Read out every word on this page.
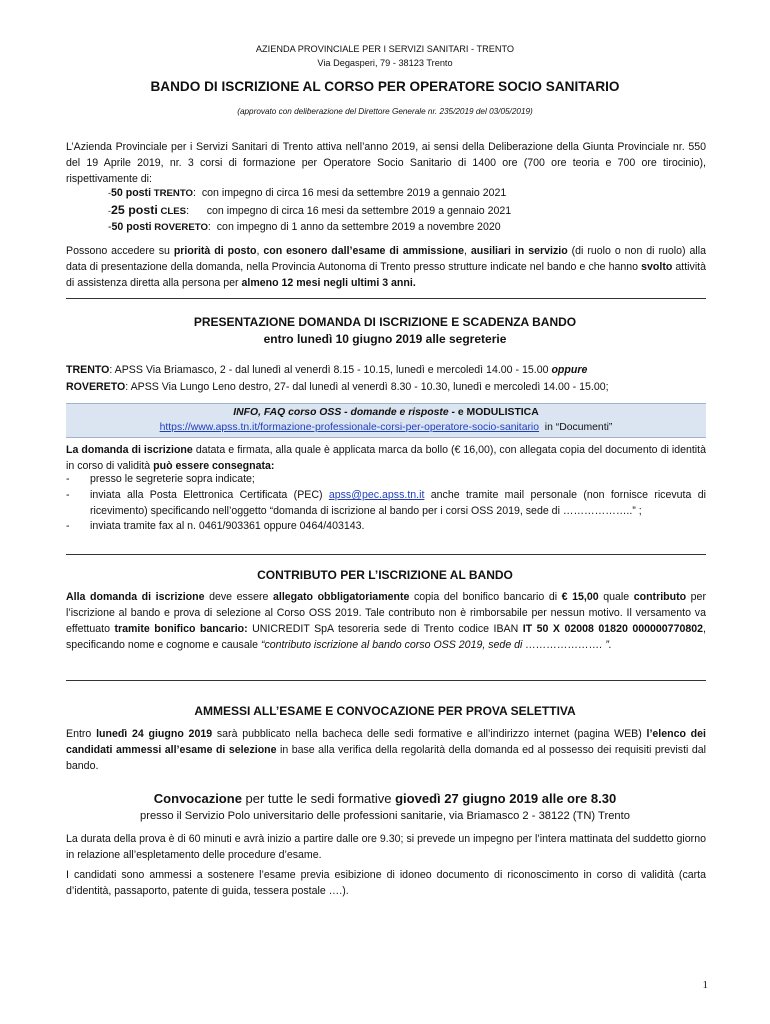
AZIENDA PROVINCIALE PER I SERVIZI SANITARI - TRENTO
Via Degasperi, 79 - 38123 Trento
BANDO DI ISCRIZIONE AL CORSO PER OPERATORE SOCIO SANITARIO
(approvato con deliberazione del Direttore Generale nr. 235/2019 del 03/05/2019)
L’Azienda Provinciale per i Servizi Sanitari di Trento attiva nell’anno 2019, ai sensi della Deliberazione della Giunta Provinciale nr. 550 del 19 Aprile 2019, nr. 3 corsi di formazione per Operatore Socio Sanitario di 1400 ore (700 ore teoria e 700 ore tirocinio), rispettivamente di:
-50 posti TRENTO:  con impegno di circa 16 mesi da settembre 2019 a gennaio 2021
-25 posti CLES:      con impegno di circa 16 mesi da settembre 2019 a gennaio 2021
-50 posti ROVERETO:  con impegno di 1 anno da settembre 2019 a novembre 2020
Possono accedere su priorità di posto, con esonero dall’esame di ammissione, ausiliari in servizio (di ruolo o non di ruolo) alla data di presentazione della domanda, nella Provincia Autonoma di Trento presso strutture indicate nel bando e che hanno svolto attività di assistenza diretta alla persona per almeno 12 mesi negli ultimi 3 anni.
PRESENTAZIONE DOMANDA DI ISCRIZIONE E SCADENZA BANDO
entro lunedì 10 giugno 2019 alle segreterie
TRENTO: APSS Via Briamasco, 2 - dal lunedì al venerdì 8.15 - 10.15, lunedì e mercoledì 14.00 - 15.00 oppure
ROVERETO: APSS Via Lungo Leno destro, 27- dal lunedì al venerdì 8.30 - 10.30, lunedì e mercoledì 14.00 - 15.00;
INFO, FAQ corso OSS - domande e risposte - e MODULISTICA
https://www.apss.tn.it/formazione-professionale-corsi-per-operatore-socio-sanitario  in “Documenti”
La domanda di iscrizione datata e firmata, alla quale è applicata marca da bollo (€ 16,00), con allegata copia del documento di identità in corso di validità può essere consegnata:
- presso le segreterie sopra indicate;
- inviata alla Posta Elettronica Certificata (PEC) apss@pec.apss.tn.it anche tramite mail personale (non fornisce ricevuta di ricevimento) specificando nell’oggetto “domanda di iscrizione al bando per i corsi OSS 2019, sede di ………………..” ;
- inviata tramite fax al n. 0461/903361 oppure 0464/403143.
CONTRIBUTO PER L’ISCRIZIONE AL BANDO
Alla domanda di iscrizione deve essere allegato obbligatoriamente copia del bonifico bancario di € 15,00 quale contributo per l’iscrizione al bando e prova di selezione al Corso OSS 2019. Tale contributo non è rimborsabile per nessun motivo. Il versamento va effettuato tramite bonifico bancario: UNICREDIT SpA tesoreria sede di Trento codice IBAN IT 50 X 02008 01820 000000770802, specificando nome e cognome e causale “contributo iscrizione al bando corso OSS 2019, sede di …………………. ”.
AMMESSI ALL’ESAME E CONVOCAZIONE PER PROVA SELETTIVA
Entro lunedì 24 giugno 2019 sarà pubblicato nella bacheca delle sedi formative e all’indirizzo internet (pagina WEB) l’elenco dei candidati ammessi all’esame di selezione in base alla verifica della regolarità della domanda ed al possesso dei requisiti previsti dal bando.
Convocazione per tutte le sedi formative giovedì 27 giugno 2019 alle ore 8.30
presso il Servizio Polo universitario delle professioni sanitarie, via Briamasco 2 - 38122 (TN) Trento
La durata della prova è di 60 minuti e avrà inizio a partire dalle ore 9.30; si prevede un impegno per l’intera mattinata del suddetto giorno in relazione all’espletamento delle procedure d’esame.
I candidati sono ammessi a sostenere l’esame previa esibizione di idoneo documento di riconoscimento in corso di validità (carta d’identità, passaporto, patente di guida, tessera postale ….).
1
